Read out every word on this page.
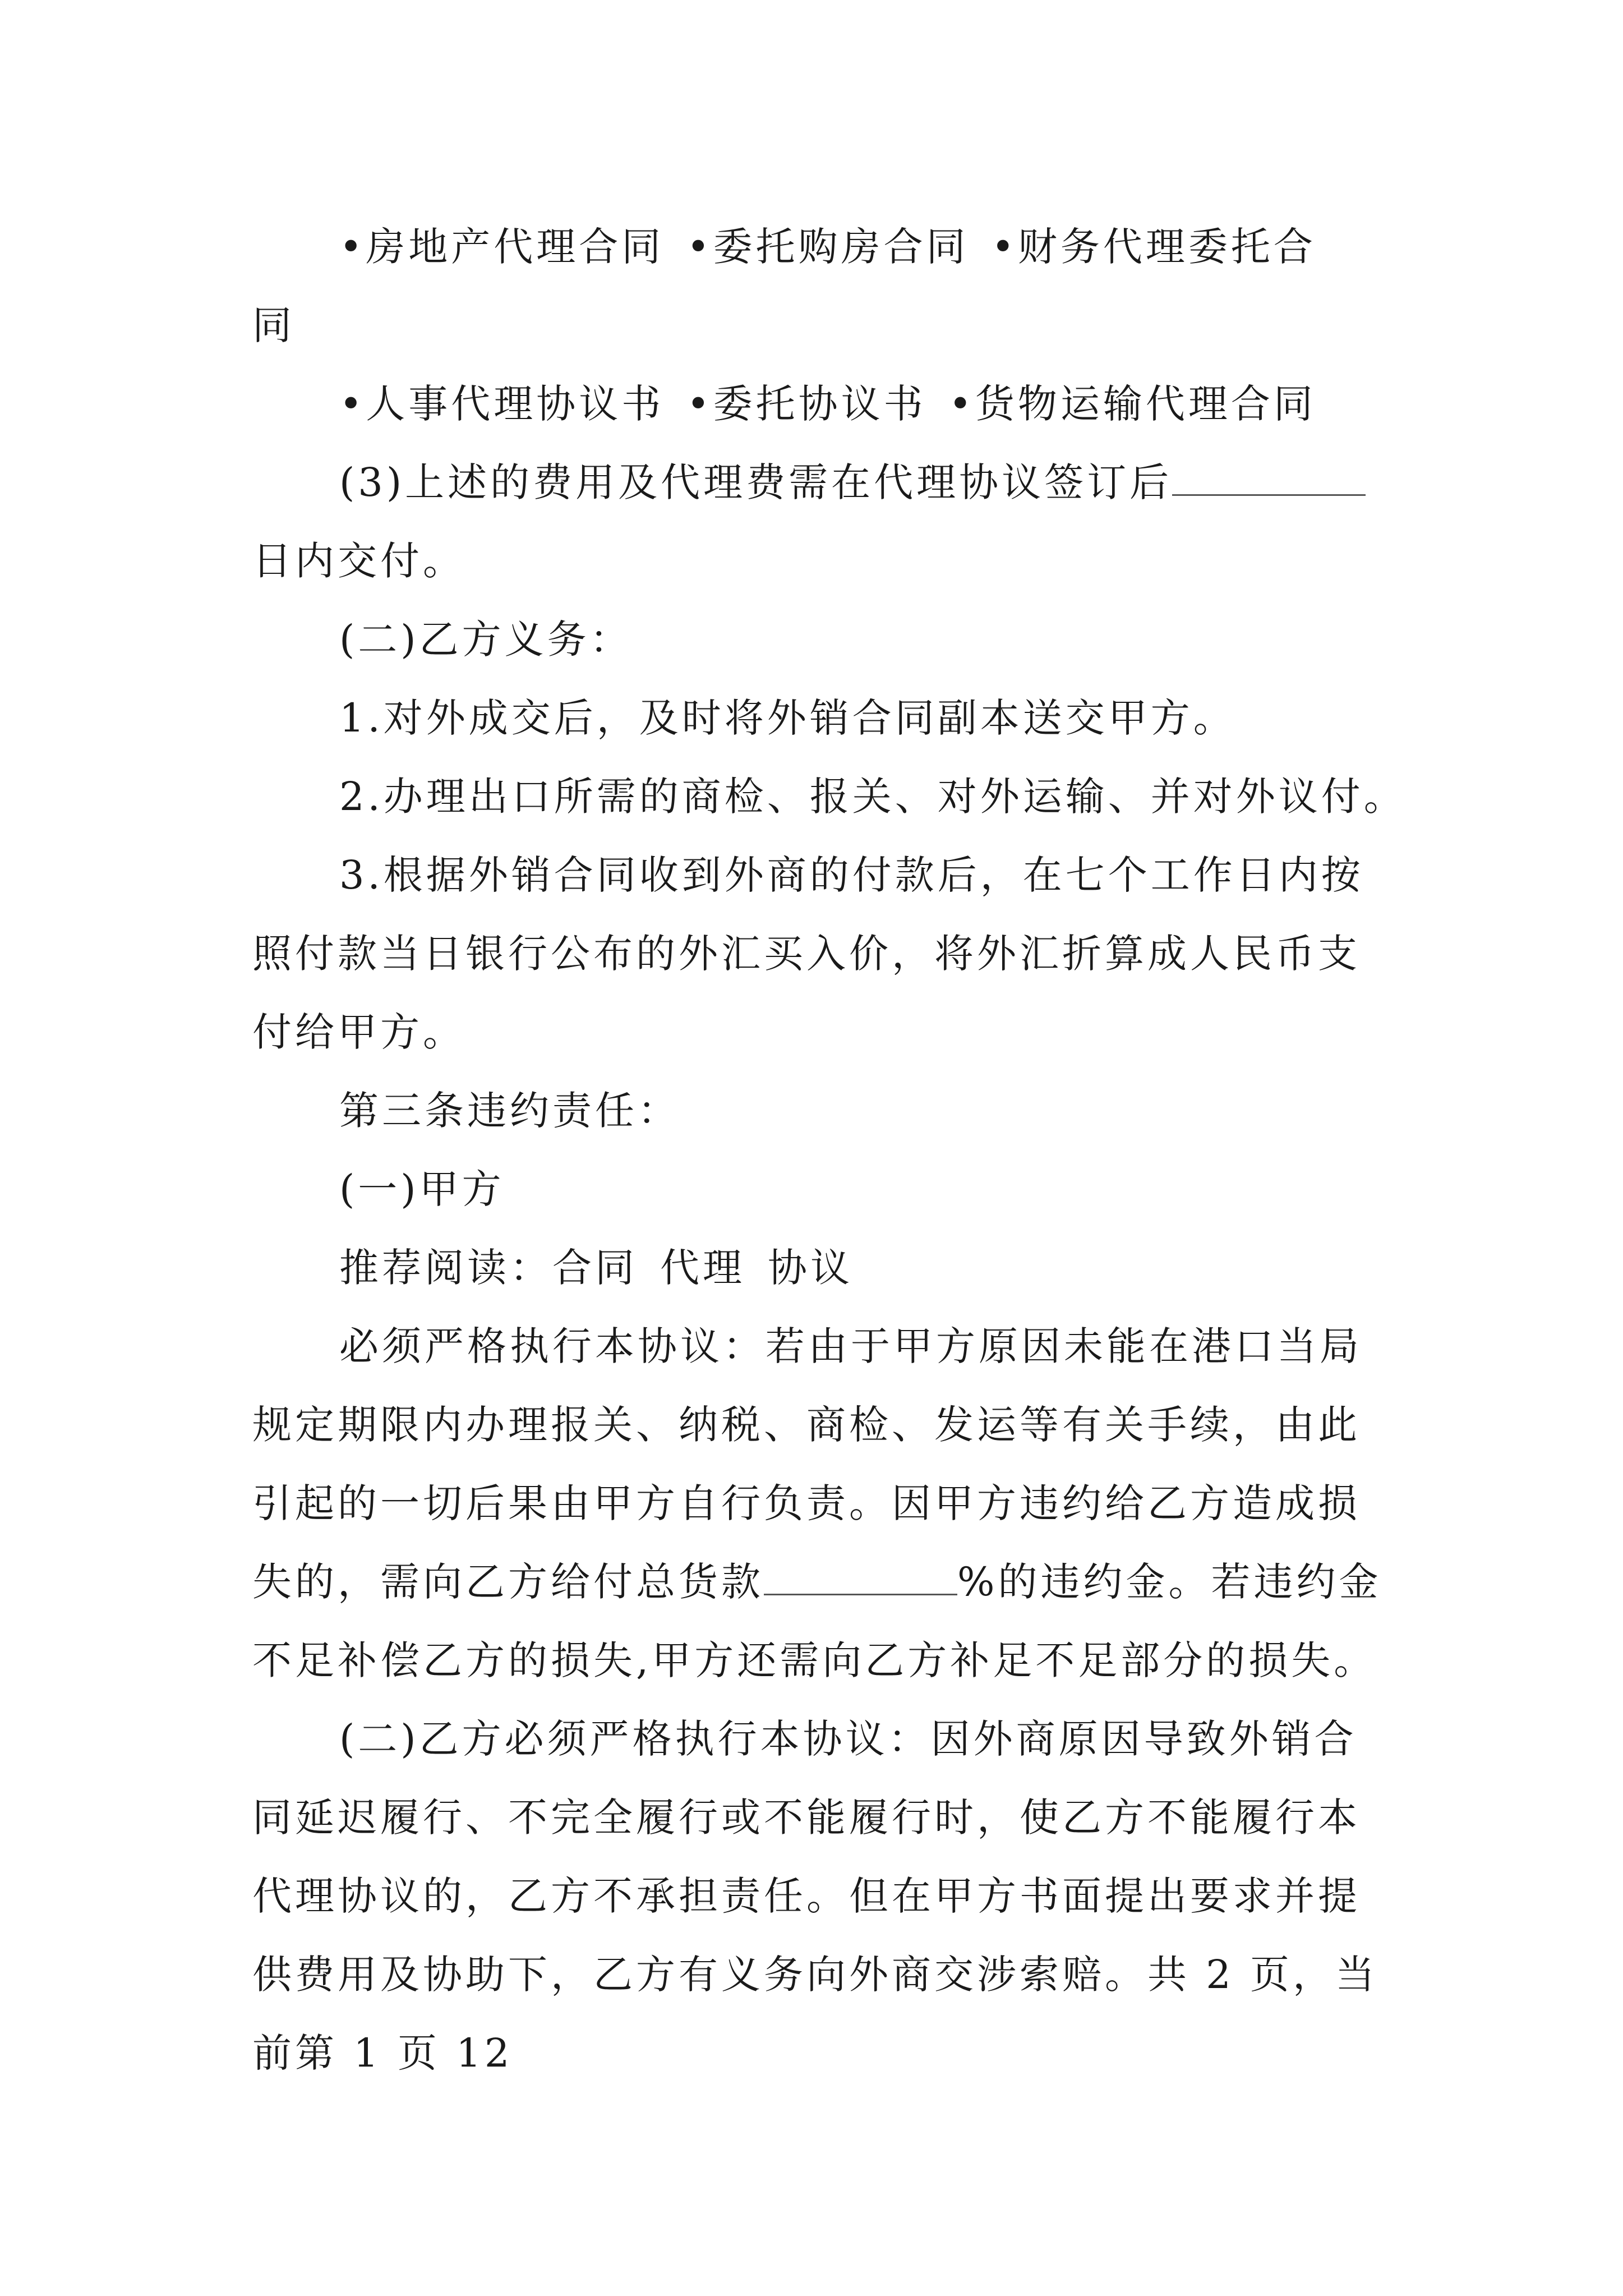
•房地产代理合同 •委托购房合同 •财务代理委托合
同
•人事代理协议书 •委托协议书 •货物运输代理合同
(3)上述的费用及代理费需在代理协议签订后
日内交付。
(二)乙方义务：
1.对外成交后，及时将外销合同副本送交甲方。
2.办理出口所需的商检、报关、对外运输、并对外议付。
3.根据外销合同收到外商的付款后，在七个工作日内按
照付款当日银行公布的外汇买入价，将外汇折算成人民币支
付给甲方。
第三条违约责任：
(一)甲方
推荐阅读：合同 代理 协议
必须严格执行本协议：若由于甲方原因未能在港口当局
规定期限内办理报关、纳税、商检、发运等有关手续，由此
引起的一切后果由甲方自行负责。因甲方违约给乙方造成损
失的，需向乙方给付总货款	%的违约金。若违约金
不足补偿乙方的损失,甲方还需向乙方补足不足部分的损失。
(二)乙方必须严格执行本协议：因外商原因导致外销合
同延迟履行、不完全履行或不能履行时，使乙方不能履行本
代理协议的，乙方不承担责任。但在甲方书面提出要求并提
供费用及协助下，乙方有义务向外商交涉索赔。共 2 页，当
前第 1 页 12
